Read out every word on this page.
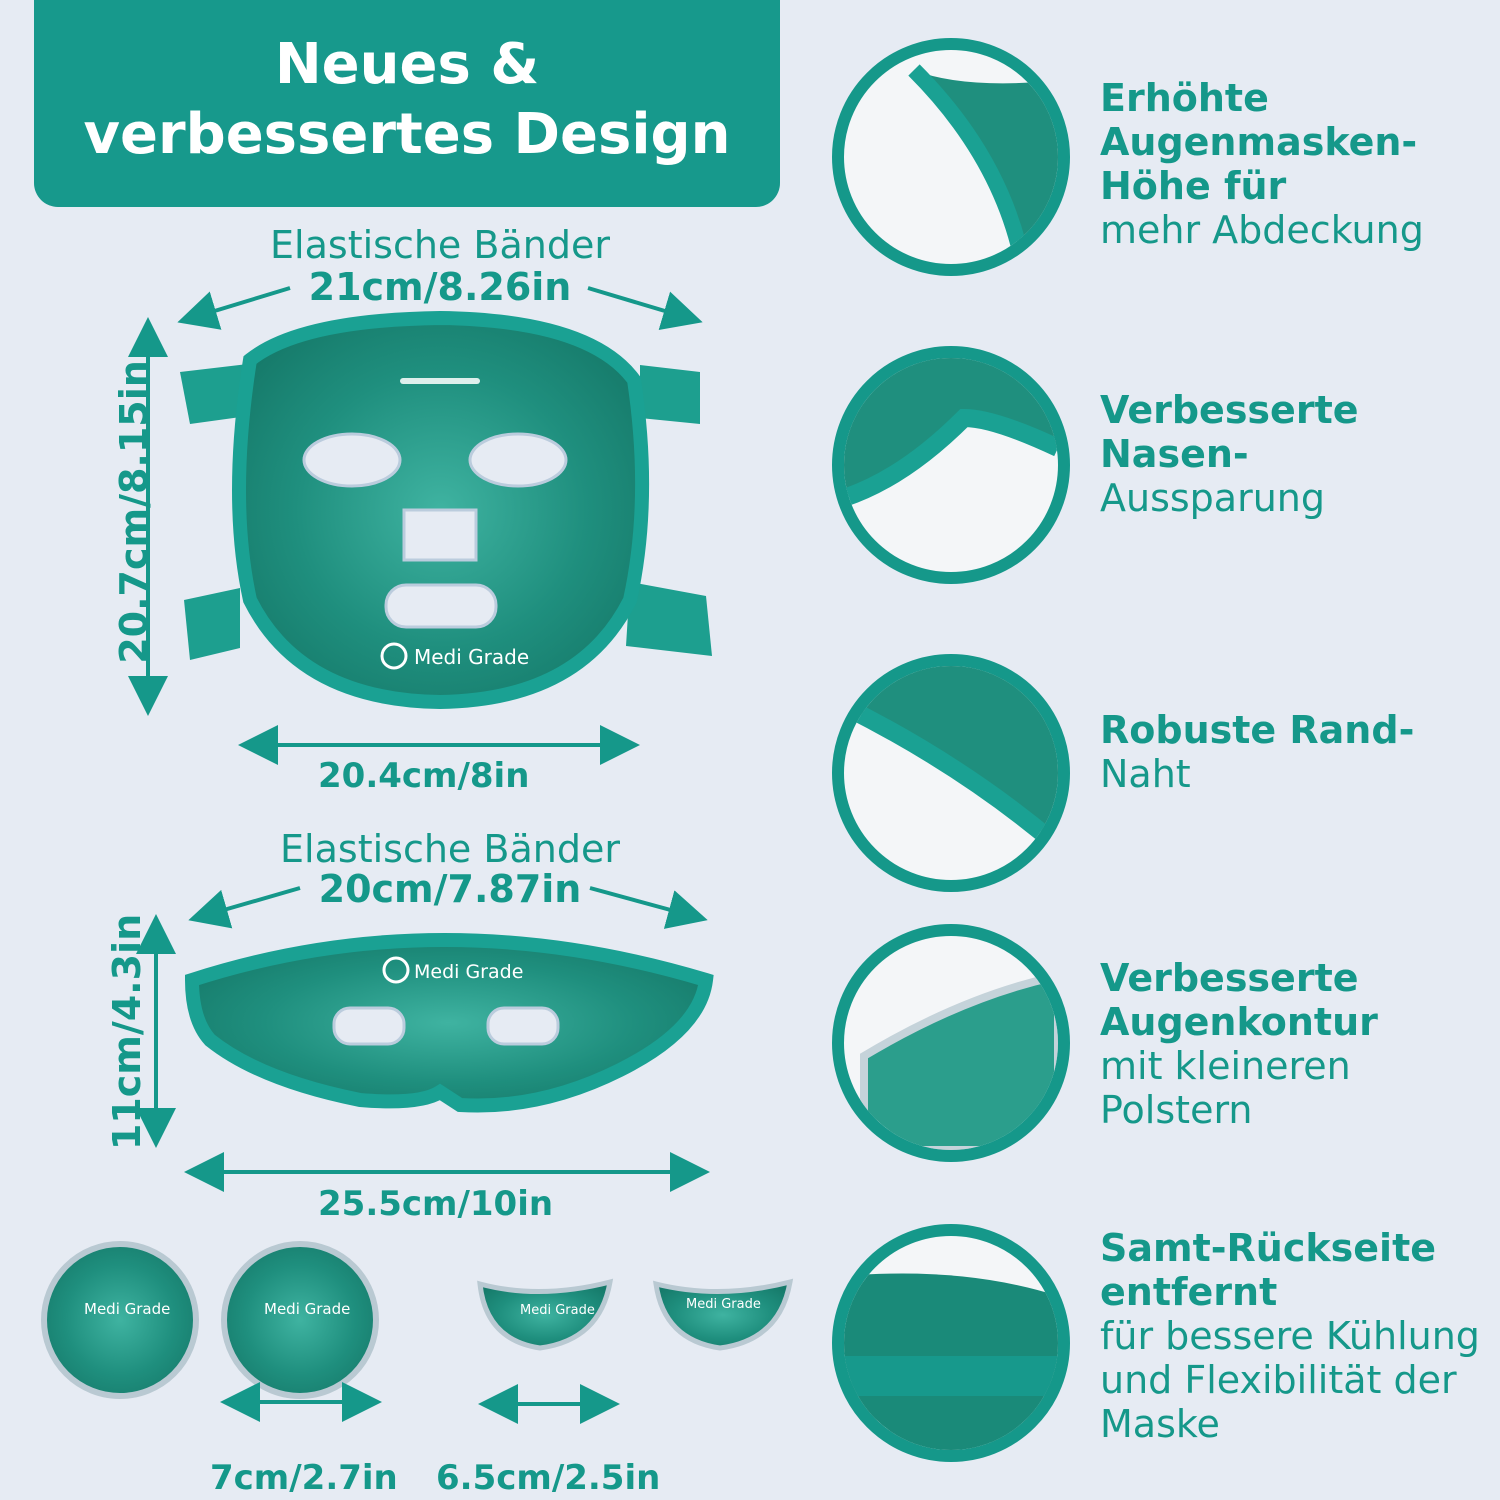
Neues &
verbessertes Design
Elastische Bänder
21cm/8.26in
20.7cm/8.15in
20.4cm/8in
Elastische Bänder
20cm/7.87in
11cm/4.3in
25.5cm/10in
7cm/2.7in 6.5cm/2.5in
Medi Grade
Medi Grade
Medi Grade	Medi Grade	Medi Grade	Medi Grade
Erhöhte Augenmasken-Höhe für
mehr Abdeckung
Verbesserte Nasen-
Aussparung
Robuste Rand-
Naht
Verbesserte Augenkontur
mit kleineren Polstern
Samt-Rückseite entfernt
für bessere Kühlung und Flexibilität der Maske
